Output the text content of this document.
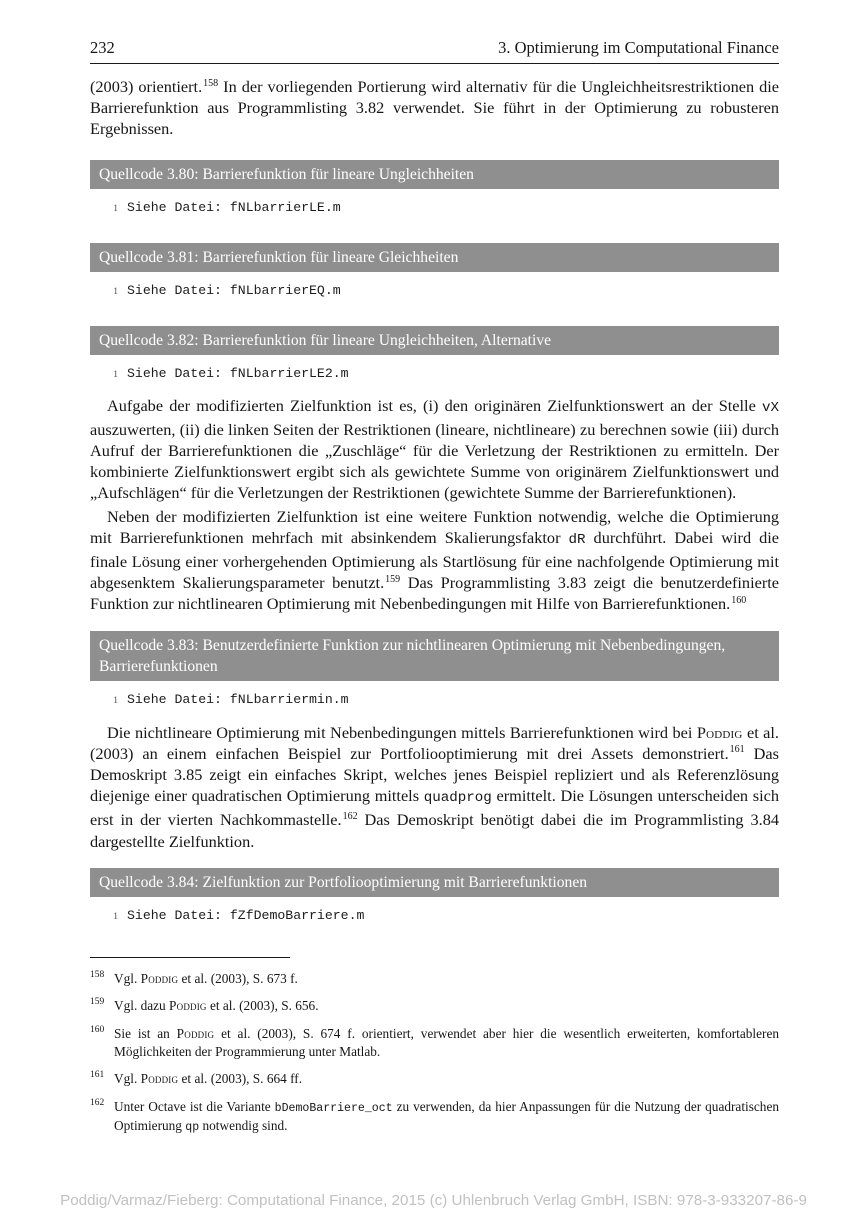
232	3. Optimierung im Computational Finance

(2003) orientiert.$^{158}$ In der vorliegenden Portierung wird alternativ für die Ungleichheitsrestriktionen die Barrierefunktion aus Programmlisting 3.82 verwendet. Sie führt in der Optimierung zu robusteren Ergebnissen.

Quellcode 3.80: Barrierefunktion für lineare Ungleichheiten
1 Siehe Datei: fNLbarrierLE.m
Quellcode 3.81: Barrierefunktion für lineare Gleichheiten
1 Siehe Datei: fNLbarrierEQ.m
Quellcode 3.82: Barrierefunktion für lineare Ungleichheiten, Alternative
1 Siehe Datei: fNLbarrierLE2.m

Aufgabe der modifizierten Zielfunktion ist es, (i) den originären Zielfunktionswert an der Stelle vX auszuwerten, (ii) die linken Seiten der Restriktionen (lineare, nichtlineare) zu berechnen sowie (iii) durch Aufruf der Barrierefunktionen die „Zuschläge“ für die Verletzung der Restriktionen zu ermitteln. Der kombinierte Zielfunktionswert ergibt sich als gewichtete Summe von originärem Zielfunktionswert und „Aufschlägen“ für die Verletzungen der Restriktionen (gewichtete Summe der Barrierefunktionen).

Neben der modifizierten Zielfunktion ist eine weitere Funktion notwendig, welche die Optimierung mit Barrierefunktionen mehrfach mit absinkendem Skalierungsfaktor dR durchführt. Dabei wird die finale Lösung einer vorhergehenden Optimierung als Startlösung für eine nachfolgende Optimierung mit abgesenktem Skalierungsparameter benutzt.$^{159}$ Das Programmlisting 3.83 zeigt die benutzerdefinierte Funktion zur nichtlinearen Optimierung mit Nebenbedingungen mit Hilfe von Barrierefunktionen.$^{160}$

Quellcode 3.83: Benutzerdefinierte Funktion zur nichtlinearen Optimierung mit Nebenbedingungen, Barrierefunktionen
1 Siehe Datei: fNLbarriermin.m

Die nichtlineare Optimierung mit Nebenbedingungen mittels Barrierefunktionen wird bei Poddig et al. (2003) an einem einfachen Beispiel zur Portfoliooptimierung mit drei Assets demonstriert.$^{161}$ Das Demoskript 3.85 zeigt ein einfaches Skript, welches jenes Beispiel repliziert und als Referenzlösung diejenige einer quadratischen Optimierung mittels quadprog ermittelt. Die Lösungen unterscheiden sich erst in der vierten Nachkommastelle.$^{162}$ Das Demoskript benötigt dabei die im Programmlisting 3.84 dargestellte Zielfunktion.

Quellcode 3.84: Zielfunktion zur Portfoliooptimierung mit Barrierefunktionen
1 Siehe Datei: fZfDemoBarriere.m
158 Vgl. Poddig et al. (2003), S. 673 f.
159 Vgl. dazu Poddig et al. (2003), S. 656.
160 Sie ist an Poddig et al. (2003), S. 674 f. orientiert, verwendet aber hier die wesentlich erweiterten, komfortableren Möglichkeiten der Programmierung unter Matlab.
161 Vgl. Poddig et al. (2003), S. 664 ff.
162 Unter Octave ist die Variante bDemoBarriere_oct zu verwenden, da hier Anpassungen für die Nutzung der quadratischen Optimierung qp notwendig sind.
Poddig/Varmaz/Fieberg: Computational Finance, 2015 (c) Uhlenbruch Verlag GmbH, ISBN: 978-3-933207-86-9
